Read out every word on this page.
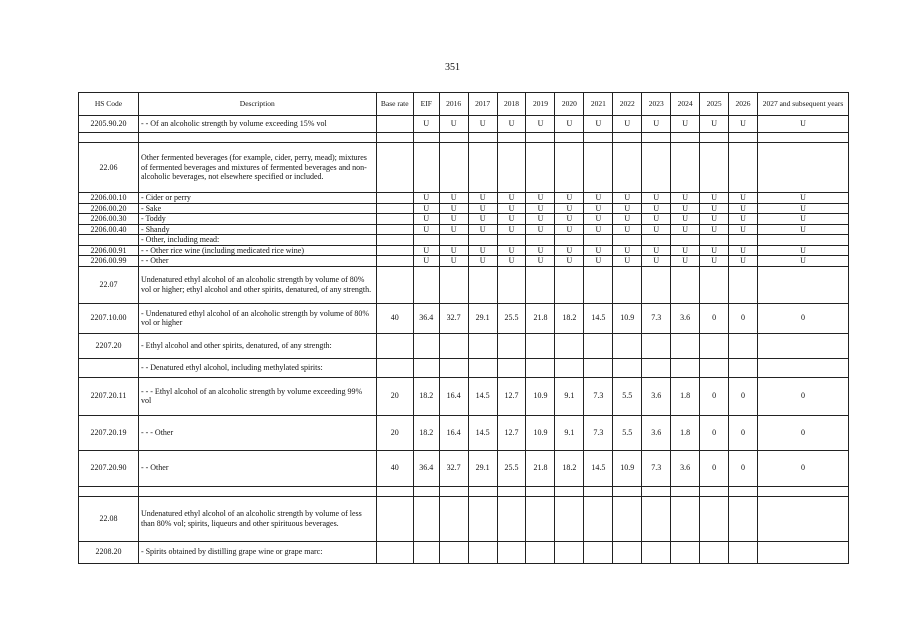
351
HS Code	Description	Base rate	EIF	2016	2017	2018	2019	2020	2021	2022	2023	2024	2025	2026	2027 and subsequent years
2205.90.20	- - Of an alcoholic strength by volume exceeding 15% vol		U	U	U	U	U	U	U	U	U	U	U	U	U

22.06	Other fermented beverages (for example, cider, perry, mead); mixtures of fermented beverages and mixtures of fermented beverages and non-alcoholic beverages, not elsewhere specified or included.														
2206.00.10	- Cider or perry		U	U	U	U	U	U	U	U	U	U	U	U	U
2206.00.20	- Sake		U	U	U	U	U	U	U	U	U	U	U	U	U
2206.00.30	- Toddy		U	U	U	U	U	U	U	U	U	U	U	U	U
2206.00.40	- Shandy		U	U	U	U	U	U	U	U	U	U	U	U	U
	- Other, including mead:														
2206.00.91	- - Other rice wine (including medicated rice wine)		U	U	U	U	U	U	U	U	U	U	U	U	U
2206.00.99	- - Other		U	U	U	U	U	U	U	U	U	U	U	U	U
22.07	Undenatured ethyl alcohol of an alcoholic strength by volume of 80% vol or higher; ethyl alcohol and other spirits, denatured, of any strength.														
2207.10.00	- Undenatured ethyl alcohol of an alcoholic strength by volume of 80% vol or higher	40	36.4	32.7	29.1	25.5	21.8	18.2	14.5	10.9	7.3	3.6	0	0	0
2207.20	- Ethyl alcohol and other spirits, denatured, of any strength:														
	- - Denatured ethyl alcohol, including methylated spirits:														
2207.20.11	- - - Ethyl alcohol of an alcoholic strength by volume exceeding 99% vol	20	18.2	16.4	14.5	12.7	10.9	9.1	7.3	5.5	3.6	1.8	0	0	0
2207.20.19	- - - Other	20	18.2	16.4	14.5	12.7	10.9	9.1	7.3	5.5	3.6	1.8	0	0	0
2207.20.90	- - Other	40	36.4	32.7	29.1	25.5	21.8	18.2	14.5	10.9	7.3	3.6	0	0	0

22.08	Undenatured ethyl alcohol of an alcoholic strength by volume of less than 80% vol; spirits, liqueurs and other spirituous beverages.														
2208.20	- Spirits obtained by distilling grape wine or grape marc:														
